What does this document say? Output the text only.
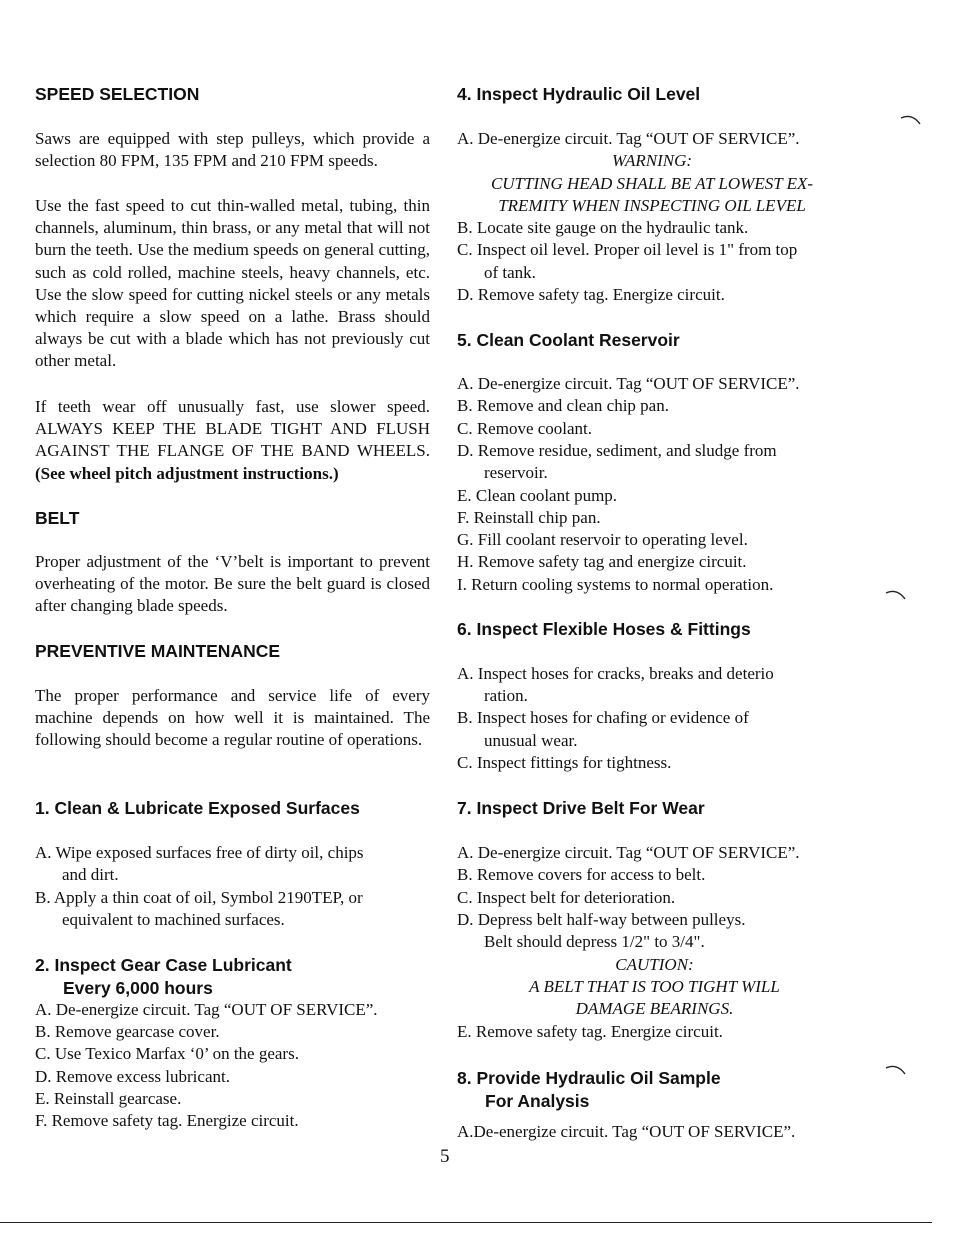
SPEED SELECTION
Saws are equipped with step pulleys, which provide a selection 80 FPM, 135 FPM and 210 FPM speeds.
Use the fast speed to cut thin-walled metal, tubing, thin channels, aluminum, thin brass, or any metal that will not burn the teeth. Use the medium speeds on general cutting, such as cold rolled, machine steels, heavy channels, etc. Use the slow speed for cutting nickel steels or any metals which require a slow speed on a lathe. Brass should always be cut with a blade which has not previously cut other metal.
If teeth wear off unusually fast, use slower speed. ALWAYS KEEP THE BLADE TIGHT AND FLUSH AGAINST THE FLANGE OF THE BAND WHEELS. (See wheel pitch adjustment instructions.)
BELT
Proper adjustment of the ‘V’belt is important to prevent overheating of the motor. Be sure the belt guard is closed after changing blade speeds.
PREVENTIVE MAINTENANCE
The proper performance and service life of every machine depends on how well it is maintained. The following should become a regular routine of operations.
1. Clean & Lubricate Exposed Surfaces
A. Wipe exposed surfaces free of dirty oil, chips
and dirt.
B. Apply a thin coat of oil, Symbol 2190TEP, or
equivalent to machined surfaces.
2. Inspect Gear Case Lubricant
Every 6,000 hours
A. De-energize circuit. Tag “OUT OF SERVICE”.
B. Remove gearcase cover.
C. Use Texico Marfax ‘0’ on the gears.
D. Remove excess lubricant.
E. Reinstall gearcase.
F. Remove safety tag. Energize circuit.
4. Inspect Hydraulic Oil Level
A. De-energize circuit. Tag “OUT OF SERVICE”.
WARNING:
CUTTING HEAD SHALL BE AT LOWEST EX-
TREMITY WHEN INSPECTING OIL LEVEL
B. Locate site gauge on the hydraulic tank.
C. Inspect oil level. Proper oil level is 1" from top
of tank.
D. Remove safety tag. Energize circuit.
5. Clean Coolant Reservoir
A. De-energize circuit. Tag “OUT OF SERVICE”.
B. Remove and clean chip pan.
C. Remove coolant.
D. Remove residue, sediment, and sludge from
reservoir.
E. Clean coolant pump.
F. Reinstall chip pan.
G. Fill coolant reservoir to operating level.
H. Remove safety tag and energize circuit.
I. Return cooling systems to normal operation.
6. Inspect Flexible Hoses & Fittings
A. Inspect hoses for cracks, breaks and deterio
ration.
B. Inspect hoses for chafing or evidence of
unusual wear.
C. Inspect fittings for tightness.
7. Inspect Drive Belt For Wear
A. De-energize circuit. Tag “OUT OF SERVICE”.
B. Remove covers for access to belt.
C. Inspect belt for deterioration.
D. Depress belt half-way between pulleys.
Belt should depress 1/2" to 3/4".
CAUTION:
A BELT THAT IS TOO TIGHT WILL
DAMAGE BEARINGS.
E. Remove safety tag. Energize circuit.
8. Provide Hydraulic Oil Sample
For Analysis
A.De-energize circuit. Tag “OUT OF SERVICE”.
5
